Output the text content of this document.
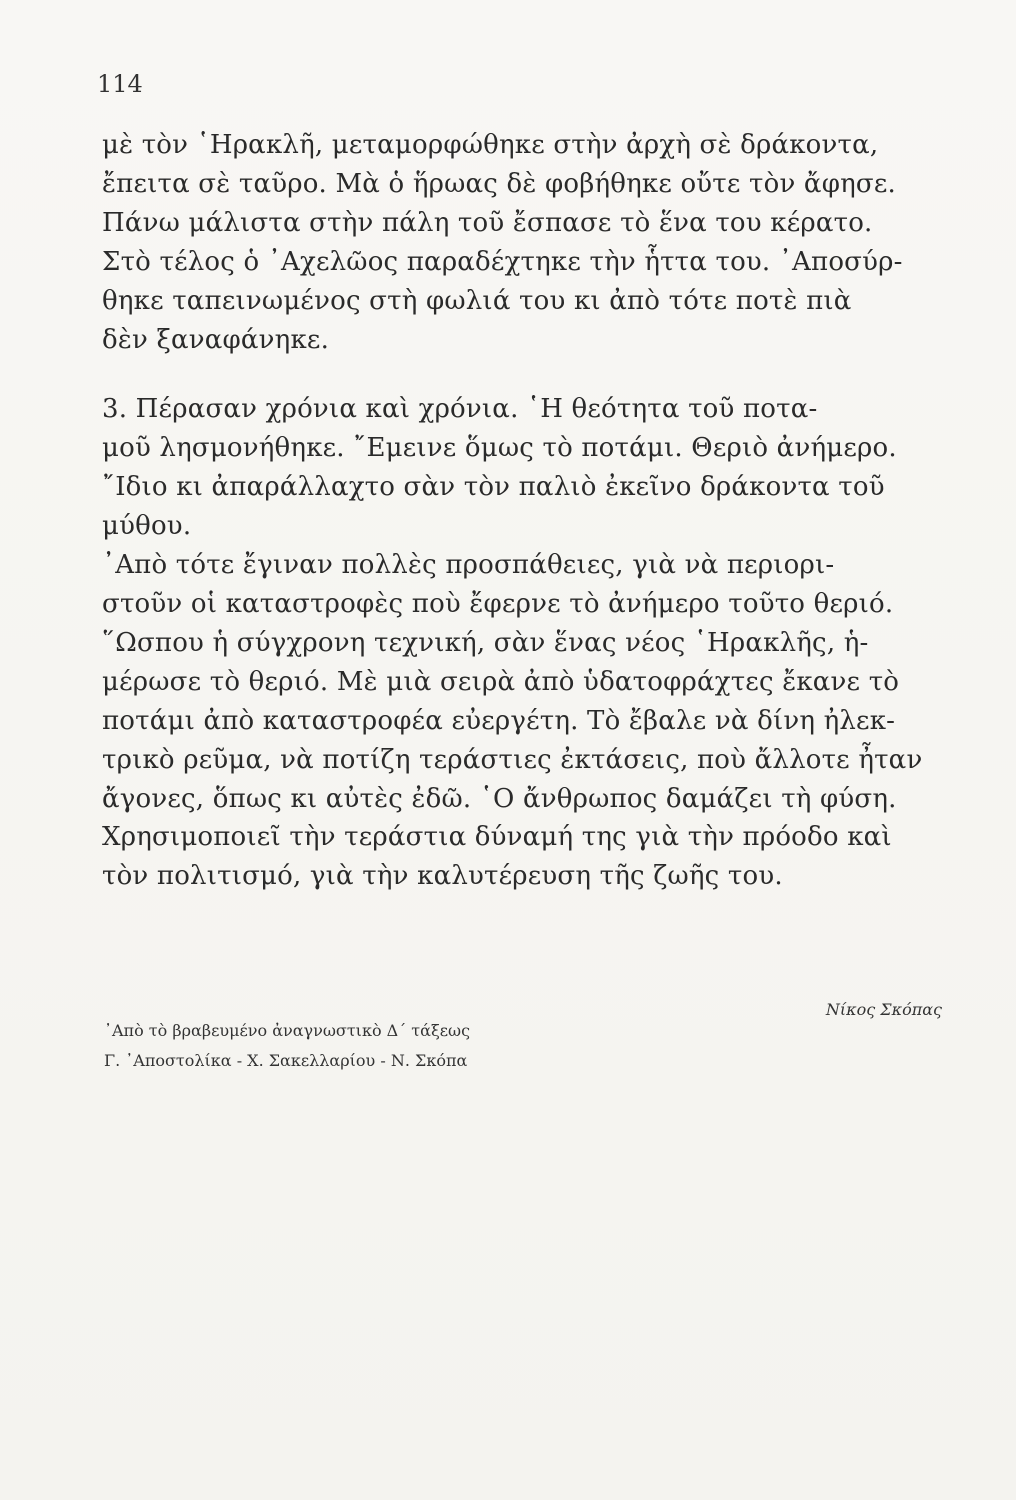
114

μὲ τὸν ῾Ηρακλῆ, μεταμορφώθηκε στὴν ἀρχὴ σὲ δράκοντα,
ἔπειτα σὲ ταῦρο. Μὰ ὁ ἥρωας δὲ φοβήθηκε οὔτε τὸν ἄφησε.
Πάνω μάλιστα στὴν πάλη τοῦ ἔσπασε τὸ ἕνα του κέρατο.
Στὸ τέλος ὁ ᾿Αχελῶος παραδέχτηκε τὴν ἧττα του. ᾿Αποσύρ-
θηκε ταπεινωμένος στὴ φωλιά του κι ἀπὸ τότε ποτὲ πιὰ
δὲν ξαναφάνηκε.
3. Πέρασαν χρόνια καὶ χρόνια. ῾Η θεότητα τοῦ ποτα-
μοῦ λησμονήθηκε. ῎Εμεινε ὅμως τὸ ποτάμι. Θεριὸ ἀνήμερο.
῎Ιδιο κι ἀπαράλλαχτο σὰν τὸν παλιὸ ἐκεῖνο δράκοντα τοῦ
μύθου.
᾿Απὸ τότε ἔγιναν πολλὲς προσπάθειες, γιὰ νὰ περιορι-
στοῦν οἱ καταστροφὲς ποὺ ἔφερνε τὸ ἀνήμερο τοῦτο θεριό.
῞Ωσπου ἡ σύγχρονη τεχνική, σὰν ἕνας νέος ῾Ηρακλῆς, ἡ-
μέρωσε τὸ θεριό. Μὲ μιὰ σειρὰ ἀπὸ ὑδατοφράχτες ἔκανε τὸ
ποτάμι ἀπὸ καταστροφέα εὐεργέτη. Τὸ ἔβαλε νὰ δίνη ἠλεκ-
τρικὸ ρεῦμα, νὰ ποτίζη τεράστιες ἐκτάσεις, ποὺ ἄλλοτε ἦταν
ἄγονες, ὅπως κι αὐτὲς ἐδῶ. ῾Ο ἄνθρωπος δαμάζει τὴ φύση.
Χρησιμοποιεῖ τὴν τεράστια δύναμή της γιὰ τὴν πρόοδο καὶ
τὸν πολιτισμό, γιὰ τὴν καλυτέρευση τῆς ζωῆς του.
Νίκος Σκόπας
᾿Απὸ τὸ βραβευμένο ἀναγνωστικὸ Δ΄ τάξεως
Γ. ᾿Αποστολίκα - Χ. Σακελλαρίου - Ν. Σκόπα
